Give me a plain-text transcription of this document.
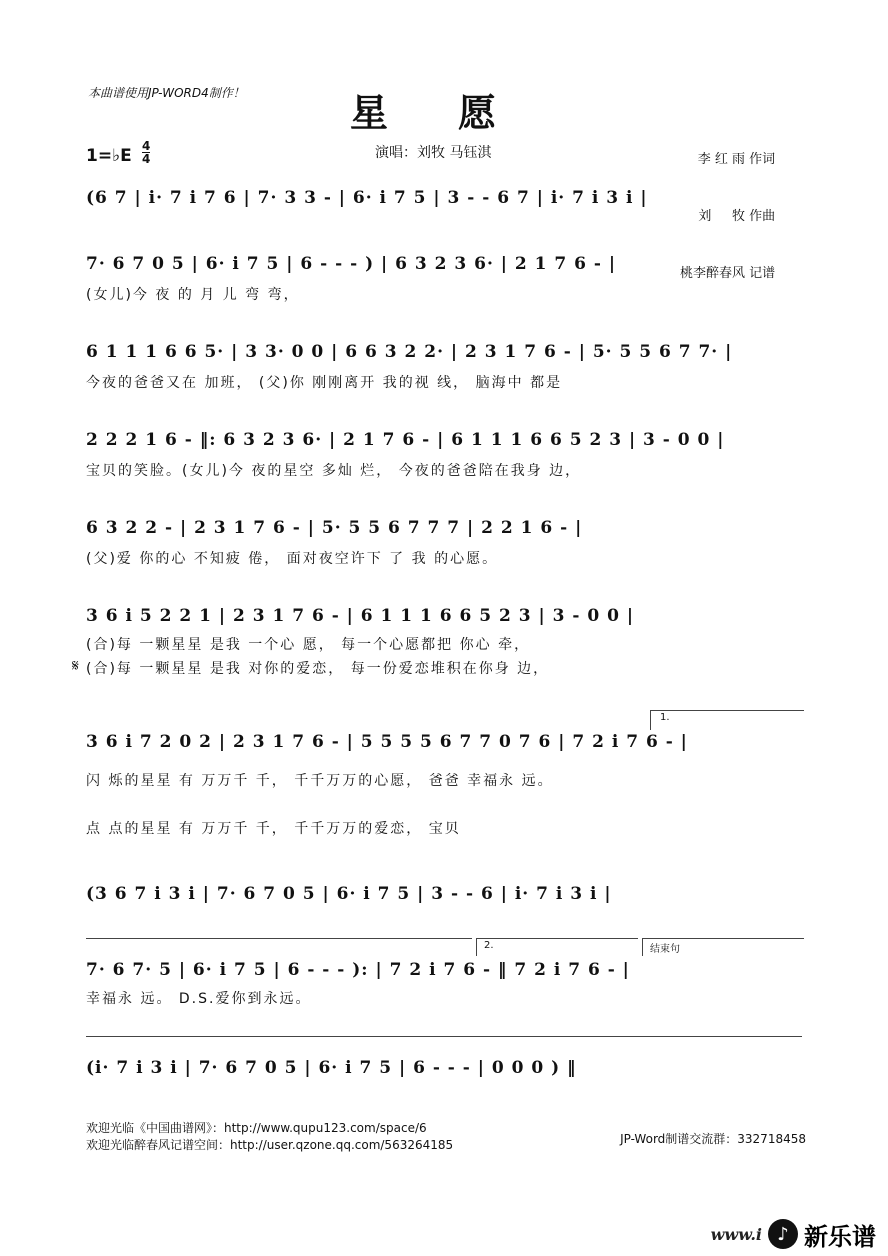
本曲谱使用JP-WORD4制作！	星愿

李 红 雨 作词

刘     牧 作曲

桃李醉春风 记谱

1=♭E 4
4	演唱：刘牧 马钰淇
(6 7 | i· 7 i 7 6 | 7· 3 3 - | 6· i 7 5 | 3 - - 6 7 | i· 7 i 3 i |
7· 6 7 0 5 | 6· i 7 5 | 6 - - - ) | 6 3 2 3 6· | 2 1 7 6 - |
(女儿)今 夜 的 月 儿 弯 弯，
6 1 1 1 6 6 5· | 3 3· 0 0 | 6 6 3 2 2· | 2 3 1 7 6 - | 5· 5 5 6 7 7· |
今夜的爸爸又在 加班， (父)你 刚刚离开 我的视 线， 脑海中 都是
2 2 2 1 6 - ‖: 6 3 2 3 6· | 2 1 7 6 - | 6 1 1 1 6 6 5 2 3 | 3 - 0 0 |
宝贝的笑脸。(女儿)今 夜的星空 多灿 烂， 今夜的爸爸陪在我身 边，
6 3 2 2 - | 2 3 1 7 6 - | 5· 5 5 6 7 7 7 | 2 2 1 6 - |
(父)爱 你的心 不知疲 倦， 面对夜空许下 了 我 的心愿。
3 6 i 5 2 2 1 | 2 3 1 7 6 - | 6 1 1 1 6 6 5 2 3 | 3 - 0 0 |
(合)每 一颗星星 是我 一个心 愿， 每一个心愿都把 你心 牵，
𝄋 (合)每 一颗星星 是我 对你的爱恋， 每一份爱恋堆积在你身 边，
1.
3 6 i 7 2 0 2 | 2 3 1 7 6 - | 5 5 5 5 6 7 7 0 7 6 | 7 2 i 7 6 - |
闪 烁的星星 有 万万千 千， 千千万万的心愿， 爸爸 幸福永 远。
点 点的星星 有 万万千 千， 千千万万的爱恋， 宝贝
(3 6 7 i 3 i | 7· 6 7 0 5 | 6· i 7 5 | 3 - - 6 | i· 7 i 3 i |
2.	结束句
7· 6 7· 5 | 6· i 7 5 | 6 - - - ): | 7 2 i 7 6 - ‖ 7 2 i 7 6 - |
幸福永 远。 D.S.爱你到永远。
(i· 7 i 3 i | 7· 6 7 0 5 | 6· i 7 5 | 6 - - - | 0 0 0 ) ‖
欢迎光临《中国曲谱网》：http://www.qupu123.com/space/6
欢迎光临醉春风记谱空间：http://user.qzone.qq.com/563264185	JP-Word制谱交流群：332718458
www.i ♪ 新乐谱
